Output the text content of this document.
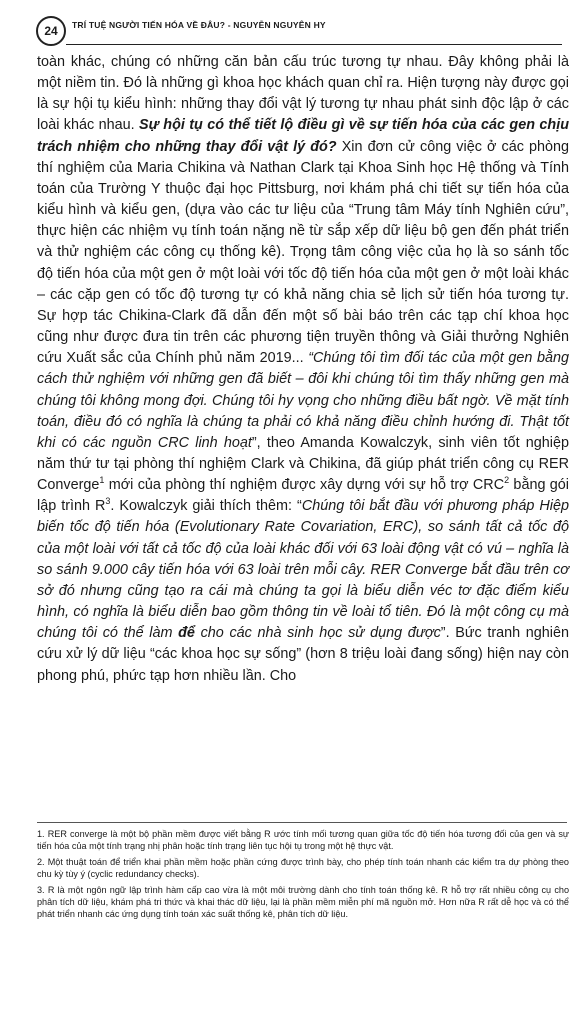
24	TRÍ TUỆ NGƯỜI TIẾN HÓA VỀ ĐÂU? - NGUYỄN NGUYÊN HY

toàn khác, chúng có những căn bản cấu trúc tương tự nhau. Đây không phải là một niềm tin. Đó là những gì khoa học khách quan chỉ ra. Hiện tượng này được gọi là sự hội tụ kiểu hình: những thay đổi vật lý tương tự nhau phát sinh độc lập ở các loài khác nhau. Sự hội tụ có thể tiết lộ điều gì về sự tiến hóa của các gen chịu trách nhiệm cho những thay đổi vật lý đó? Xin đơn cử công việc ở các phòng thí nghiệm của Maria Chikina và Nathan Clark tại Khoa Sinh học Hệ thống và Tính toán của Trường Y thuộc đại học Pittsburg, nơi khám phá chi tiết sự tiến hóa của kiểu hình và kiểu gen, (dựa vào các tư liệu của “Trung tâm Máy tính Nghiên cứu”, thực hiện các nhiệm vụ tính toán nặng nề từ sắp xếp dữ liệu bộ gen đến phát triển và thử nghiệm các công cụ thống kê). Trọng tâm công việc của họ là so sánh tốc độ tiến hóa của một gen ở một loài với tốc độ tiến hóa của một gen ở một loài khác – các cặp gen có tốc độ tương tự có khả năng chia sẻ lịch sử tiến hóa tương tự. Sự hợp tác Chikina-Clark đã dẫn đến một số bài báo trên các tạp chí khoa học cũng như được đưa tin trên các phương tiện truyền thông và Giải thưởng Nghiên cứu Xuất sắc của Chính phủ năm 2019... “Chúng tôi tìm đối tác của một gen bằng cách thử nghiệm với những gen đã biết – đôi khi chúng tôi tìm thấy những gen mà chúng tôi không mong đợi. Chúng tôi hy vọng cho những điều bất ngờ. Về mặt tính toán, điều đó có nghĩa là chúng ta phải có khả năng điều chỉnh hướng đi. Thật tốt khi có các nguồn CRC linh hoạt”, theo Amanda Kowalczyk, sinh viên tốt nghiệp năm thứ tư tại phòng thí nghiệm Clark và Chikina, đã giúp phát triển công cụ RER Converge$^1$ mới của phòng thí nghiệm được xây dựng với sự hỗ trợ CRC$^2$ bằng gói lập trình $R^3$. Kowalczyk giải thích thêm: “Chúng tôi bắt đầu với phương pháp Hiệp biến tốc độ tiến hóa (Evolutionary Rate Covariation, ERC), so sánh tất cả tốc độ của một loài với tất cả tốc độ của loài khác đối với 63 loài động vật có vú – nghĩa là so sánh 9.000 cây tiến hóa với 63 loài trên mỗi cây. RER Converge bắt đầu trên cơ sở đó nhưng cũng tạo ra cái mà chúng ta gọi là biểu diễn véc tơ đặc điểm kiểu hình, có nghĩa là biểu diễn bao gồm thông tin về loài tổ tiên. Đó là một công cụ mà chúng tôi có thể làm để cho các nhà sinh học sử dụng được”. Bức tranh nghiên cứu xử lý dữ liệu “các khoa học sự sống” (hơn 8 triệu loài đang sống) hiện nay còn phong phú, phức tạp hơn nhiều lần. Cho

1. RER converge là một bộ phần mềm được viết bằng R ước tính mối tương quan giữa tốc độ tiến hóa tương đối của gen và sự tiến hóa của một tính trạng nhị phân hoặc tính trạng liên tục hội tụ trong một hệ thực vật.

2. Một thuật toán để triển khai phần mềm hoặc phần cứng được trình bày, cho phép tính toán nhanh các kiểm tra dự phòng theo chu kỳ tùy ý (cyclic redundancy checks).

3. R là một ngôn ngữ lập trình hàm cấp cao vừa là một môi trường dành cho tính toán thống kê. R hỗ trợ rất nhiều công cụ cho phân tích dữ liệu, khám phá tri thức và khai thác dữ liệu, lại là phần mềm miễn phí mã nguồn mở. Hơn nữa R rất dễ học và có thể phát triển nhanh các ứng dụng tính toán xác suất thống kê, phân tích dữ liệu.
